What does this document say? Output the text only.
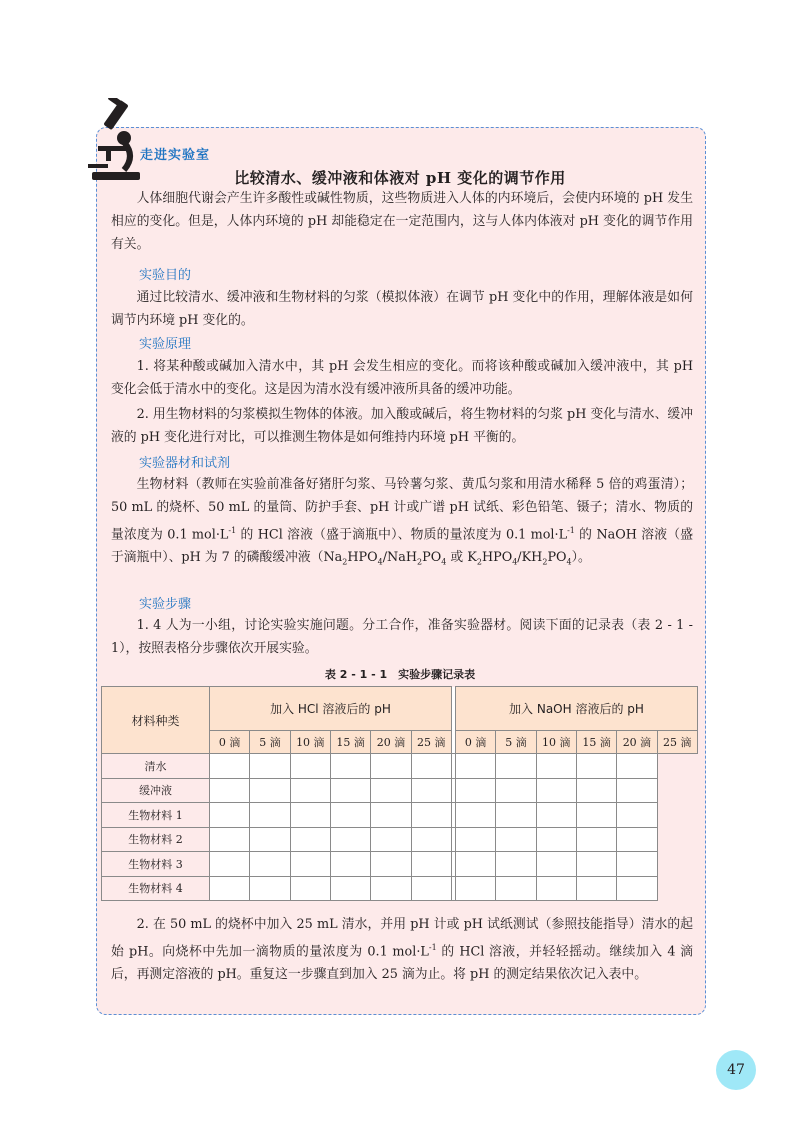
走进实验室
比较清水、缓冲液和体液对 pH 变化的调节作用
人体细胞代谢会产生许多酸性或碱性物质，这些物质进入人体的内环境后，会使内环境的 pH 发生相应的变化。但是，人体内环境的 pH 却能稳定在一定范围内，这与人体内体液对 pH 变化的调节作用有关。
实验目的
通过比较清水、缓冲液和生物材料的匀浆（模拟体液）在调节 pH 变化中的作用，理解体液是如何调节内环境 pH 变化的。
实验原理
1. 将某种酸或碱加入清水中，其 pH 会发生相应的变化。而将该种酸或碱加入缓冲液中，其 pH 变化会低于清水中的变化。这是因为清水没有缓冲液所具备的缓冲功能。
2. 用生物材料的匀浆模拟生物体的体液。加入酸或碱后，将生物材料的匀浆 pH 变化与清水、缓冲液的 pH 变化进行对比，可以推测生物体是如何维持内环境 pH 平衡的。
实验器材和试剂
生物材料（教师在实验前准备好猪肝匀浆、马铃薯匀浆、黄瓜匀浆和用清水稀释 5 倍的鸡蛋清）；50 mL 的烧杯、50 mL 的量筒、防护手套、pH 计或广谱 pH 试纸、彩色铅笔、镊子；清水、物质的量浓度为 0.1 $mol\cdot L^{-1}$ 的 HCl 溶液（盛于滴瓶中）、物质的量浓度为 0.1 $mol\cdot L^{-1}$ 的 NaOH 溶液（盛于滴瓶中）、pH 为 7 的磷酸缓冲液（$Na_2HPO_4/NaH_2PO_4$ 或 $K_2HPO_4/KH_2PO_4$）。
实验步骤
1. 4 人为一小组，讨论实验实施问题。分工合作，准备实验器材。阅读下面的记录表（表 2 - 1 - 1），按照表格分步骤依次开展实验。
表 2 - 1 - 1　实验步骤记录表
材料种类	加入 HCl 溶液后的 pH							加入 NaOH 溶液后的 pH					
	0 滴	5 滴	10 滴	15 滴	20 滴	25 滴		0 滴	5 滴	10 滴	15 滴	20 滴	25 滴
清水													
缓冲液													
生物材料 1													
生物材料 2													
生物材料 3													
生物材料 4													
2. 在 50 mL 的烧杯中加入 25 mL 清水，并用 pH 计或 pH 试纸测试（参照技能指导）清水的起始 pH。向烧杯中先加一滴物质的量浓度为 0.1 $mol\cdot L^{-1}$ 的 HCl 溶液，并轻轻摇动。继续加入 4 滴后，再测定溶液的 pH。重复这一步骤直到加入 25 滴为止。将 pH 的测定结果依次记入表中。
47
